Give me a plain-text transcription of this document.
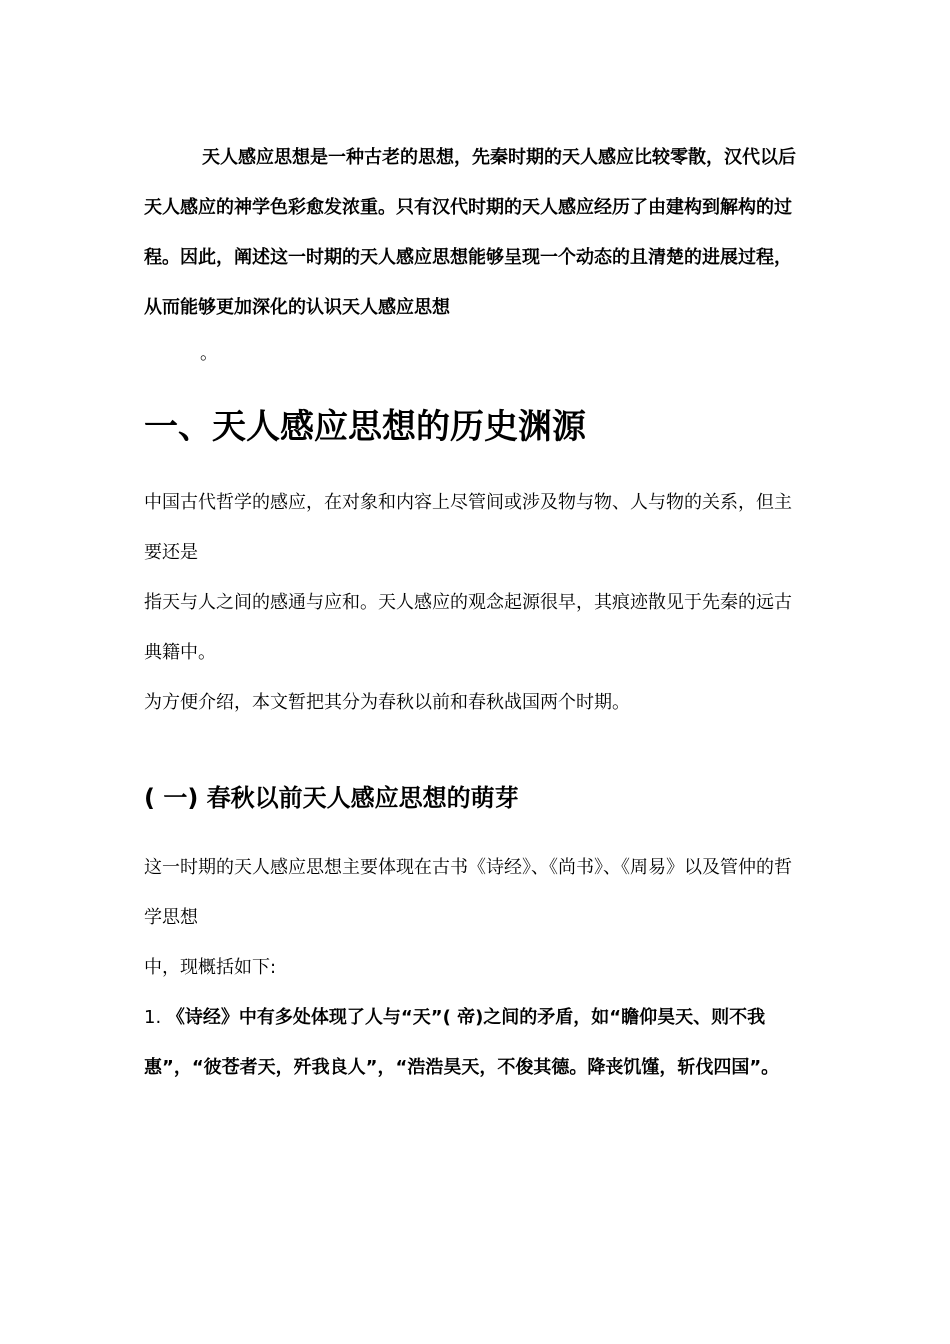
天人感应思想是一种古老的思想，先秦时期的天人感应比较零散，汉代以后天人感应的神学色彩愈发浓重。只有汉代时期的天人感应经历了由建构到解构的过程。因此，阐述这一时期的天人感应思想能够呈现一个动态的且清楚的进展过程，从而能够更加深化的认识天人感应思想

。

一、天人感应思想的历史渊源

中国古代哲学的感应，在对象和内容上尽管间或涉及物与物、人与物的关系，但主要还是

指天与人之间的感通与应和。天人感应的观念起源很早，其痕迹散见于先秦的远古典籍中。

为方便介绍，本文暂把其分为春秋以前和春秋战国两个时期。

( 一) 春秋以前天人感应思想的萌芽

这一时期的天人感应思想主要体现在古书《诗经》、《尚书》、《周易》以及管仲的哲学思想

中，现概括如下:

1. 《诗经》中有多处体现了人与“天”( 帝)之间的矛盾，如“瞻仰昊天、则不我惠”，“彼苍者天，歼我良人”，“浩浩昊天，不俊其德。降丧饥馑，斩伐四国”。
